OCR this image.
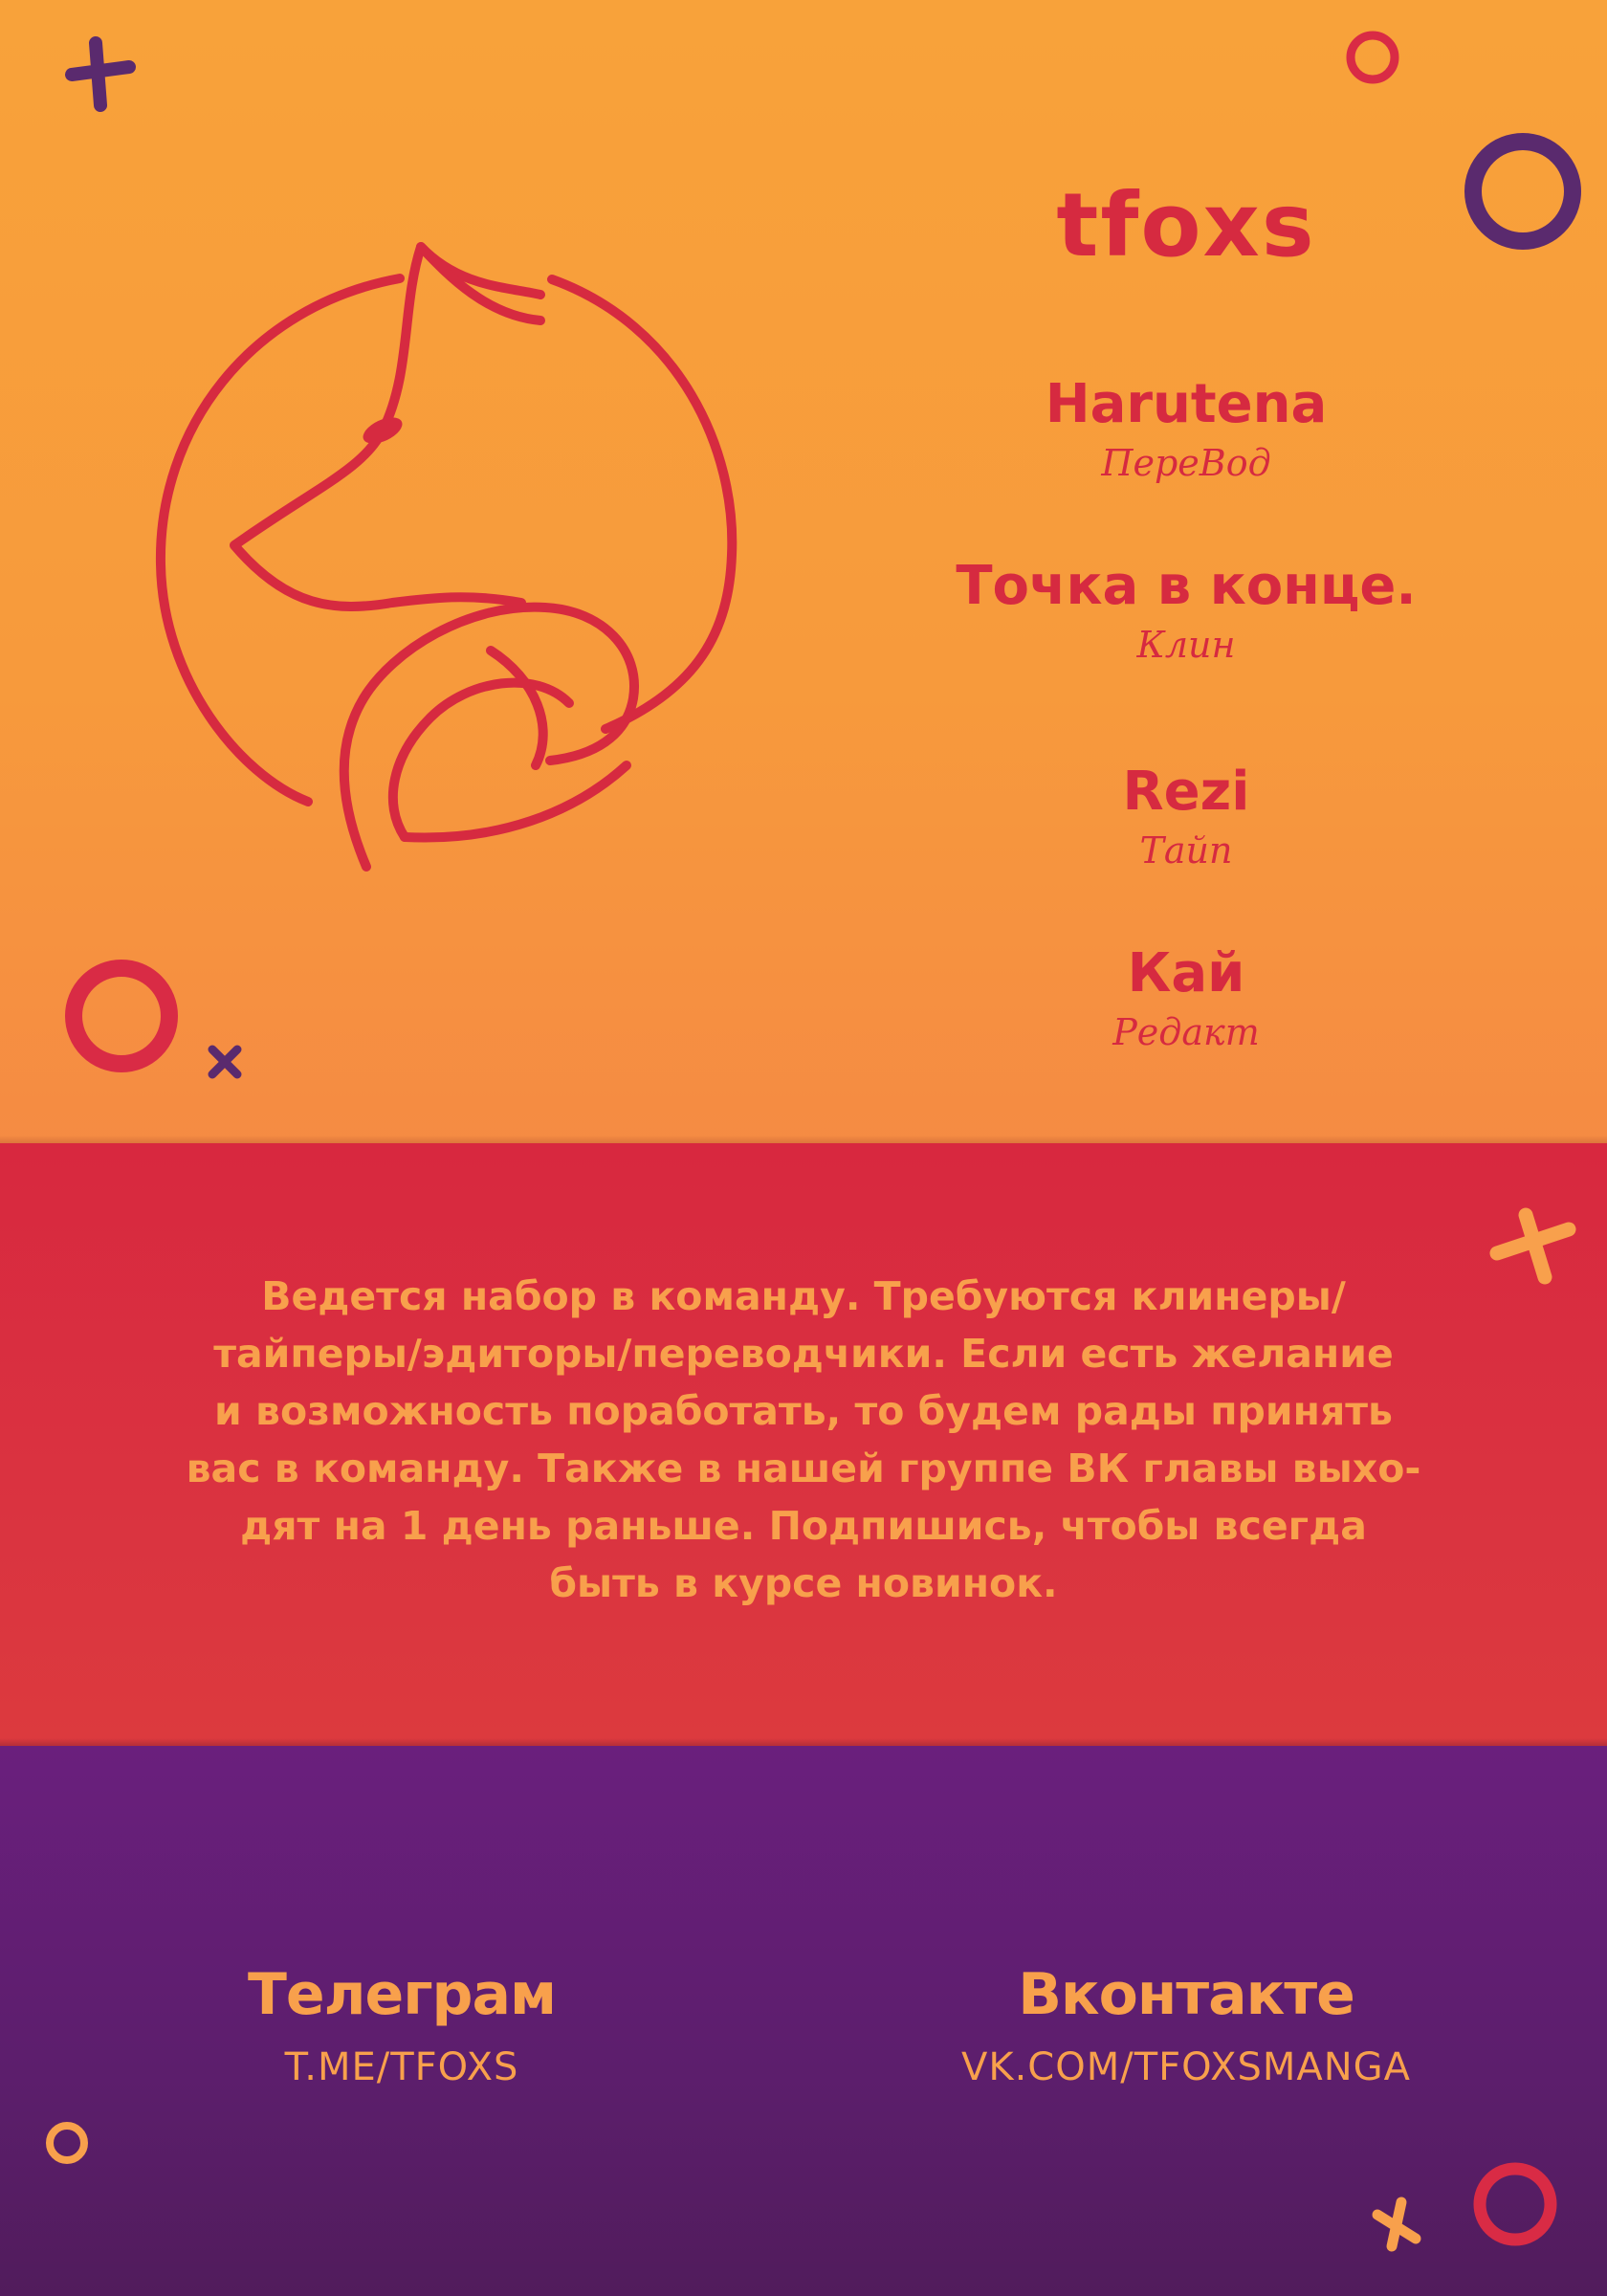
tfoxs

Harutena

ПереВод

Точка в конце.

Клин

Rezi

Тайп

Кай

Редакт

Ведется набор в команду. Требуются клинеры/
тайперы/эдиторы/переводчики. Если есть желание
и возможность поработать, то будем рады принять
вас в команду. Также в нашей группе ВК главы выхо-
дят на 1 день раньше. Подпишись, чтобы всегда
быть в курсе новинок.

Телеграм

T.ME/TFOXS

Вконтакте

VK.COM/TFOXSMANGA
